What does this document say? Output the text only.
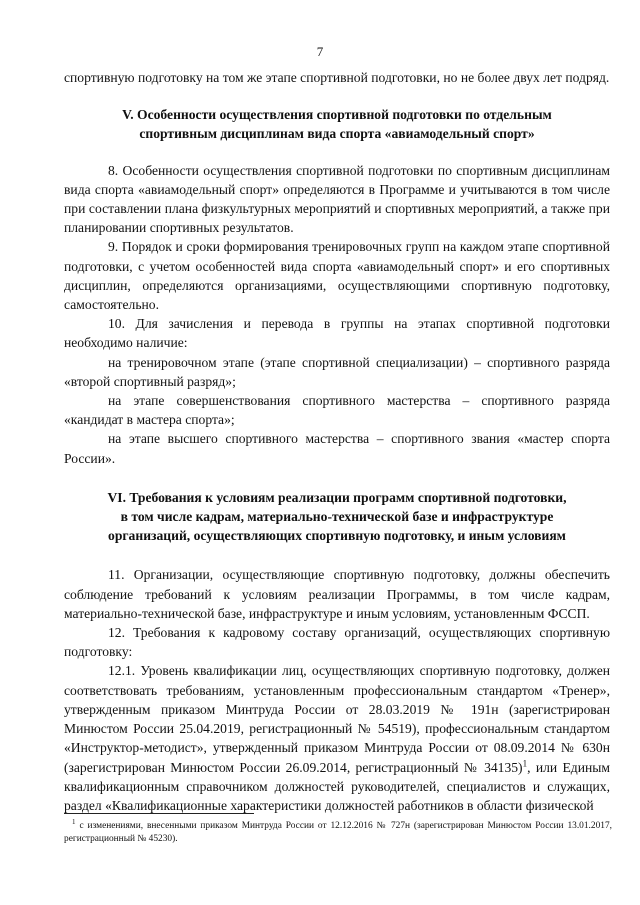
7

спортивную подготовку на том же этапе спортивной подготовки, но не более двух лет подряд.

V. Особенности осуществления спортивной подготовки по отдельным

спортивным дисциплинам вида спорта «авиамодельный спорт»

8. Особенности осуществления спортивной подготовки по спортивным дисциплинам вида спорта «авиамодельный спорт» определяются в Программе и учитываются в том числе при составлении плана физкультурных мероприятий и спортивных мероприятий, а также при планировании спортивных результатов.

9. Порядок и сроки формирования тренировочных групп на каждом этапе спортивной подготовки, с учетом особенностей вида спорта «авиамодельный спорт» и его спортивных дисциплин, определяются организациями, осуществляющими спортивную подготовку, самостоятельно.

10. Для зачисления и перевода в группы на этапах спортивной подготовки необходимо наличие:

на тренировочном этапе (этапе спортивной специализации) – спортивного разряда «второй спортивный разряд»;

на этапе совершенствования спортивного мастерства – спортивного разряда «кандидат в мастера спорта»;

на этапе высшего спортивного мастерства – спортивного звания «мастер спорта России».

VI. Требования к условиям реализации программ спортивной подготовки,

в том числе кадрам, материально-технической базе и инфраструктуре

организаций, осуществляющих спортивную подготовку, и иным условиям

11. Организации, осуществляющие спортивную подготовку, должны обеспечить соблюдение требований к условиям реализации Программы, в том числе кадрам, материально-технической базе, инфраструктуре и иным условиям, установленным ФССП.

12. Требования к кадровому составу организаций, осуществляющих спортивную подготовку:

12.1. Уровень квалификации лиц, осуществляющих спортивную подготовку, должен соответствовать требованиям, установленным профессиональным стандартом «Тренер», утвержденным приказом Минтруда России от 28.03.2019 № 191н (зарегистрирован Минюстом России 25.04.2019, регистрационный № 54519), профессиональным стандартом «Инструктор-методист», утвержденный приказом Минтруда России от 08.09.2014 № 630н (зарегистрирован Минюстом России 26.09.2014, регистрационный № 34135)$^1$, или Единым квалификационным справочником должностей руководителей, специалистов и служащих, раздел «Квалификационные характеристики должностей работников в области физической

$^1$ с изменениями, внесенными приказом Минтруда России от 12.12.2016 № 727н (зарегистрирован Минюстом России 13.01.2017, регистрационный № 45230).
